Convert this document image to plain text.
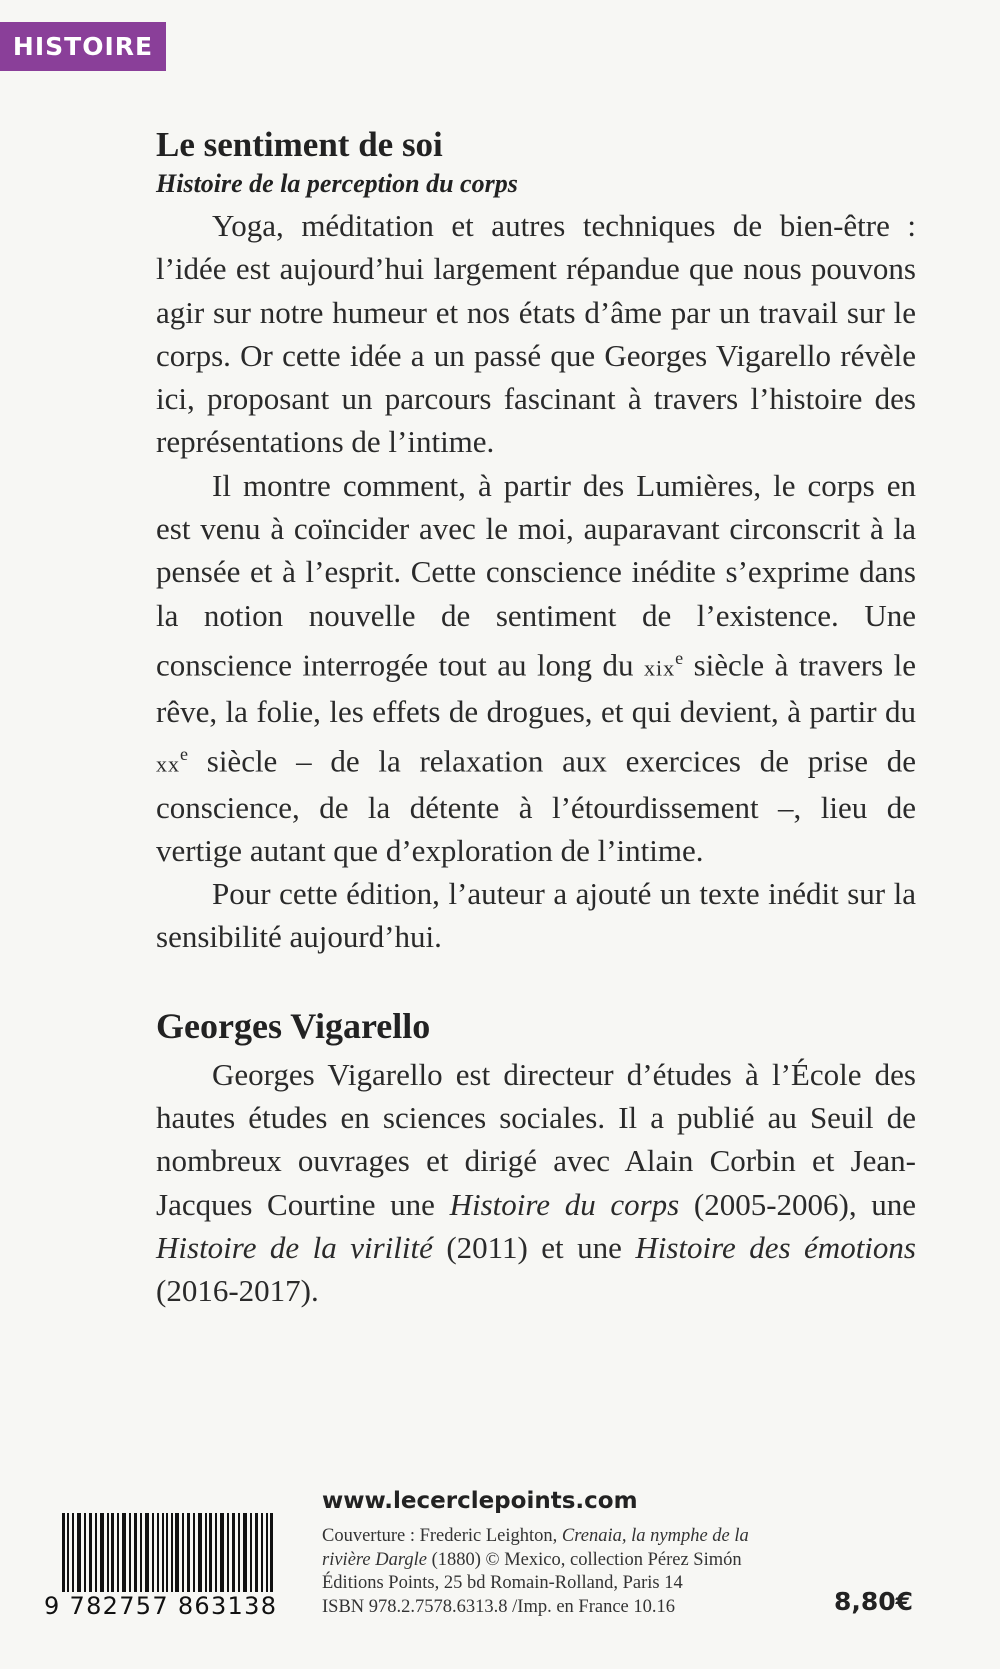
HISTOIRE
Le sentiment de soi
Histoire de la perception du corps

Yoga, méditation et autres techniques de bien-être : l’idée est aujourd’hui largement répandue que nous pouvons agir sur notre humeur et nos états d’âme par un travail sur le corps. Or cette idée a un passé que Georges Vigarello révèle ici, proposant un parcours fascinant à travers l’histoire des représentations de l’intime.

Il montre comment, à partir des Lumières, le corps en est venu à coïncider avec le moi, auparavant circonscrit à la pensée et à l’esprit. Cette conscience inédite s’exprime dans la notion nouvelle de sentiment de l’existence. Une conscience interrogée tout au long du xix$^e$ siècle à travers le rêve, la folie, les effets de drogues, et qui devient, à partir du $xx^e$ siècle – de la relaxation aux exercices de prise de conscience, de la détente à l’étourdissement –, lieu de vertige autant que d’exploration de l’intime.

Pour cette édition, l’auteur a ajouté un texte inédit sur la sensibilité aujourd’hui.

Georges Vigarello

Georges Vigarello est directeur d’études à l’École des hautes études en sciences sociales. Il a publié au Seuil de nombreux ouvrages et dirigé avec Alain Corbin et Jean-Jacques Courtine une Histoire du corps (2005-2006), une Histoire de la virilité (2011) et une Histoire des émotions (2016-2017).

www.lecerclepoints.com

Couverture : Frederic Leighton, Crenaia, la nymphe de la rivière Dargle (1880) © Mexico, collection Pérez Simón

Éditions Points, 25 bd Romain-Rolland, Paris 14

ISBN 978.2.7578.6313.8 /Imp. en France 10.16	8,80€
9 782757 863138
